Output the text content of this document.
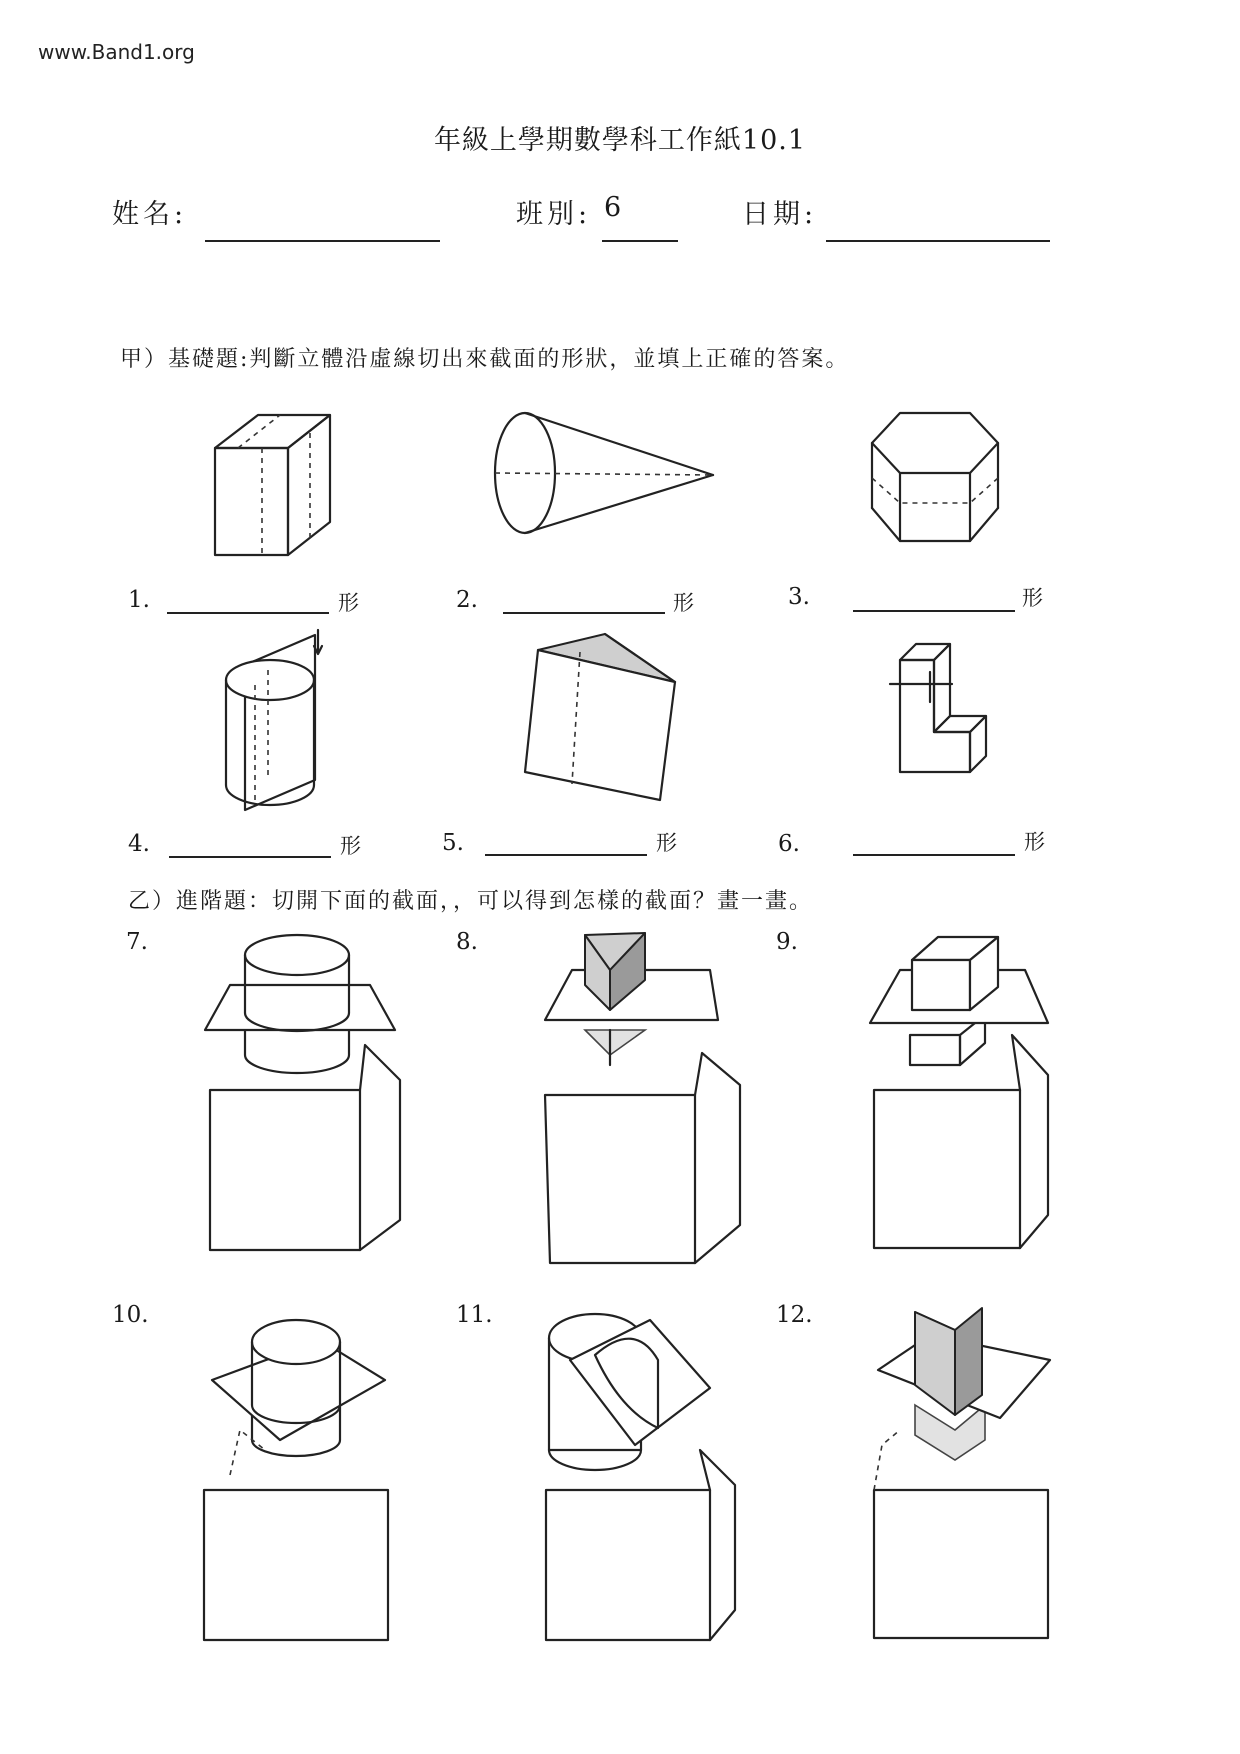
www.Band1.org
年級上學期數學科工作紙10.1
姓名:	班別: 6	日期:
甲）基礎題:判斷立體沿虛線切出來截面的形狀，並填上正確的答案。
1.	形	2.	形	3.	形
4.	形	5.	形	6.	形
乙）進階題：切開下面的截面，，可以得到怎樣的截面？畫一畫。
7.	8.	9.
10.	11.	12.
